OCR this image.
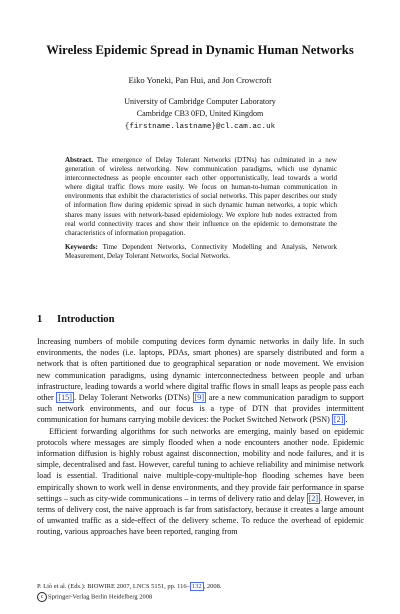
Wireless Epidemic Spread in Dynamic Human Networks
Eiko Yoneki, Pan Hui, and Jon Crowcroft
University of Cambridge Computer Laboratory
Cambridge CB3 0FD, United Kingdom
{firstname.lastname}@cl.cam.ac.uk
Abstract. The emergence of Delay Tolerant Networks (DTNs) has culminated in a new generation of wireless networking. New communication paradigms, which use dynamic interconnectedness as people encounter each other opportunistically, lead towards a world where digital traffic flows more easily. We focus on human-to-human communication in environments that exhibit the characteristics of social networks. This paper describes our study of information flow during epidemic spread in such dynamic human networks, a topic which shares many issues with network-based epidemiology. We explore hub nodes extracted from real world connectivity traces and show their influence on the epidemic to demonstrate the characteristics of information propagation.
Keywords: Time Dependent Networks, Connectivity Modelling and Analysis, Network Measurement, Delay Tolerant Networks, Social Networks.
1 Introduction

Increasing numbers of mobile computing devices form dynamic networks in daily life. In such environments, the nodes (i.e. laptops, PDAs, smart phones) are sparsely distributed and form a network that is often partitioned due to geographical separation or node movement. We envision new communication paradigms, using dynamic interconnectedness between people and urban infrastructure, leading towards a world where digital traffic flows in small leaps as people pass each other [15] . Delay Tolerant Networks (DTNs) [9] are a new communication paradigm to support such network environments, and our focus is a type of DTN that provides intermittent communication for humans carrying mobile devices: the Pocket Switched Network (PSN) [2] .

Efficient forwarding algorithms for such networks are emerging, mainly based on epidemic protocols where messages are simply flooded when a node encounters another node. Epidemic information diffusion is highly robust against disconnection, mobility and node failures, and it is simple, decentralised and fast. However, careful tuning to achieve reliability and minimise network load is essential. Traditional naive multiple-copy-multiple-hop flooding schemes have been empirically shown to work well in dense environments, and they provide fair performance in sparse settings – such as city-wide communications – in terms of delivery ratio and delay [2] . However, in terms of delivery cost, the naive approach is far from satisfactory, because it creates a large amount of unwanted traffic as a side-effect of the delivery scheme. To reduce the overhead of epidemic routing, various approaches have been reported, ranging from

P. Liò et al. (Eds.): BIOWIRE 2007, LNCS 5151, pp. 116– 132 , 2008.
c Springer-Verlag Berlin Heidelberg 2008
